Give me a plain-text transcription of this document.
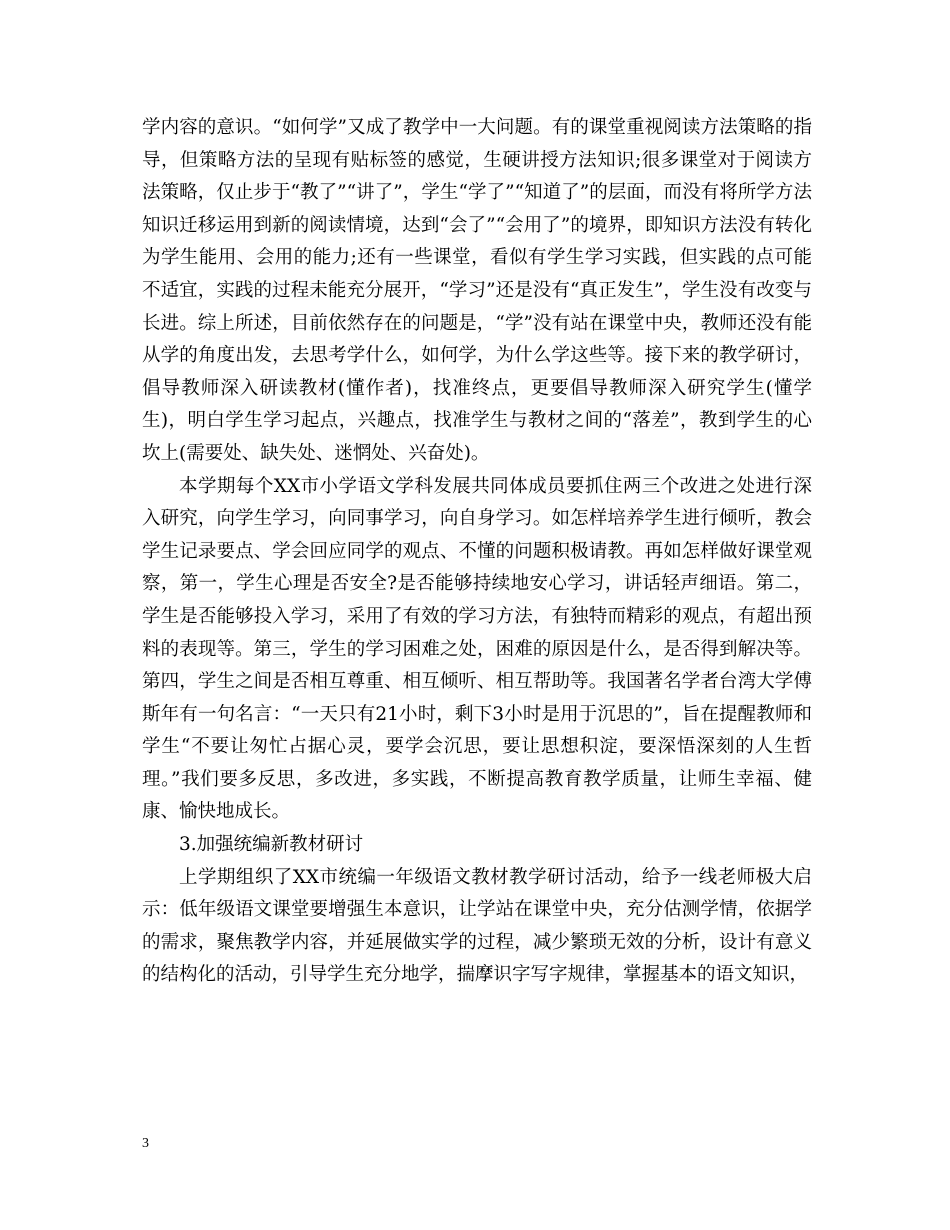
学内容的意识。“如何学”又成了教学中一大问题。有的课堂重视阅读方法策略的指导，但策略方法的呈现有贴标签的感觉，生硬讲授方法知识;很多课堂对于阅读方法策略，仅止步于“教了”“讲了”，学生“学了”“知道了”的层面，而没有将所学方法知识迁移运用到新的阅读情境，达到“会了”“会用了”的境界，即知识方法没有转化为学生能用、会用的能力;还有一些课堂，看似有学生学习实践，但实践的点可能不适宜，实践的过程未能充分展开，“学习”还是没有“真正发生”，学生没有改变与长进。综上所述，目前依然存在的问题是，“学”没有站在课堂中央，教师还没有能从学的角度出发，去思考学什么，如何学，为什么学这些等。接下来的教学研讨，倡导教师深入研读教材(懂作者)，找准终点，更要倡导教师深入研究学生(懂学生)，明白学生学习起点，兴趣点，找准学生与教材之间的“落差”，教到学生的心坎上(需要处、缺失处、迷惘处、兴奋处)。

本学期每个XX市小学语文学科发展共同体成员要抓住两三个改进之处进行深入研究，向学生学习，向同事学习，向自身学习。如怎样培养学生进行倾听，教会学生记录要点、学会回应同学的观点、不懂的问题积极请教。再如怎样做好课堂观察，第一，学生心理是否安全?是否能够持续地安心学习，讲话轻声细语。第二，学生是否能够投入学习，采用了有效的学习方法，有独特而精彩的观点，有超出预料的表现等。第三，学生的学习困难之处，困难的原因是什么，是否得到解决等。第四，学生之间是否相互尊重、相互倾听、相互帮助等。我国著名学者台湾大学傅斯年有一句名言：“一天只有21小时，剩下3小时是用于沉思的”，旨在提醒教师和学生“不要让匆忙占据心灵，要学会沉思，要让思想积淀，要深悟深刻的人生哲理。”我们要多反思，多改进，多实践，不断提高教育教学质量，让师生幸福、健康、愉快地成长。

3.加强统编新教材研讨

上学期组织了XX市统编一年级语文教材教学研讨活动，给予一线老师极大启示：低年级语文课堂要增强生本意识，让学站在课堂中央，充分估测学情，依据学的需求，聚焦教学内容，并延展做实学的过程，减少繁琐无效的分析，设计有意义的结构化的活动，引导学生充分地学，揣摩识字写字规律，掌握基本的语文知识，

3
